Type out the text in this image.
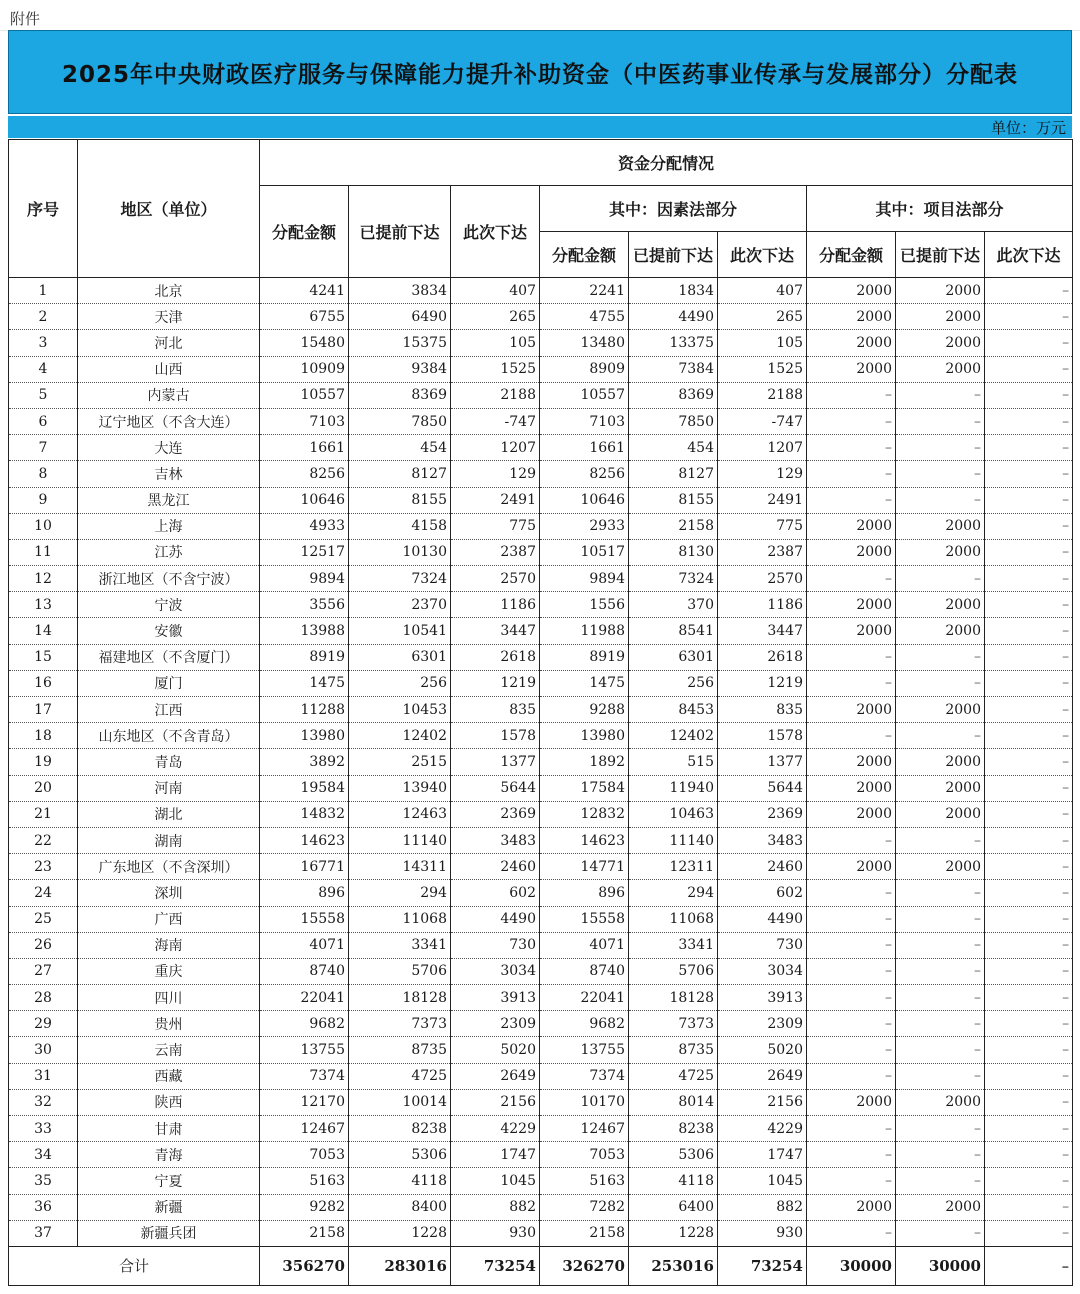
附件
2025年中央财政医疗服务与保障能力提升补助资金（中医药事业传承与发展部分）分配表
单位：万元
序号	地区（单位）	资金分配情况								
		分配金额	已提前下达	此次下达	其中：因素法部分			其中：项目法部分		
					分配金额	已提前下达	此次下达	分配金额	已提前下达	此次下达
1	北京	4241	3834	407	2241	1834	407	2000	2000	–
2	天津	6755	6490	265	4755	4490	265	2000	2000	–
3	河北	15480	15375	105	13480	13375	105	2000	2000	–
4	山西	10909	9384	1525	8909	7384	1525	2000	2000	–
5	内蒙古	10557	8369	2188	10557	8369	2188	–	–	–
6	辽宁地区（不含大连）	7103	7850	-747	7103	7850	-747	–	–	–
7	大连	1661	454	1207	1661	454	1207	–	–	–
8	吉林	8256	8127	129	8256	8127	129	–	–	–
9	黑龙江	10646	8155	2491	10646	8155	2491	–	–	–
10	上海	4933	4158	775	2933	2158	775	2000	2000	–
11	江苏	12517	10130	2387	10517	8130	2387	2000	2000	–
12	浙江地区（不含宁波）	9894	7324	2570	9894	7324	2570	–	–	–
13	宁波	3556	2370	1186	1556	370	1186	2000	2000	–
14	安徽	13988	10541	3447	11988	8541	3447	2000	2000	–
15	福建地区（不含厦门）	8919	6301	2618	8919	6301	2618	–	–	–
16	厦门	1475	256	1219	1475	256	1219	–	–	–
17	江西	11288	10453	835	9288	8453	835	2000	2000	–
18	山东地区（不含青岛）	13980	12402	1578	13980	12402	1578	–	–	–
19	青岛	3892	2515	1377	1892	515	1377	2000	2000	–
20	河南	19584	13940	5644	17584	11940	5644	2000	2000	–
21	湖北	14832	12463	2369	12832	10463	2369	2000	2000	–
22	湖南	14623	11140	3483	14623	11140	3483	–	–	–
23	广东地区（不含深圳）	16771	14311	2460	14771	12311	2460	2000	2000	–
24	深圳	896	294	602	896	294	602	–	–	–
25	广西	15558	11068	4490	15558	11068	4490	–	–	–
26	海南	4071	3341	730	4071	3341	730	–	–	–
27	重庆	8740	5706	3034	8740	5706	3034	–	–	–
28	四川	22041	18128	3913	22041	18128	3913	–	–	–
29	贵州	9682	7373	2309	9682	7373	2309	–	–	–
30	云南	13755	8735	5020	13755	8735	5020	–	–	–
31	西藏	7374	4725	2649	7374	4725	2649	–	–	–
32	陕西	12170	10014	2156	10170	8014	2156	2000	2000	–
33	甘肃	12467	8238	4229	12467	8238	4229	–	–	–
34	青海	7053	5306	1747	7053	5306	1747	–	–	–
35	宁夏	5163	4118	1045	5163	4118	1045	–	–	–
36	新疆	9282	8400	882	7282	6400	882	2000	2000	–
37	新疆兵团	2158	1228	930	2158	1228	930	–	–	–
合计		356270	283016	73254	326270	253016	73254	30000	30000	–
